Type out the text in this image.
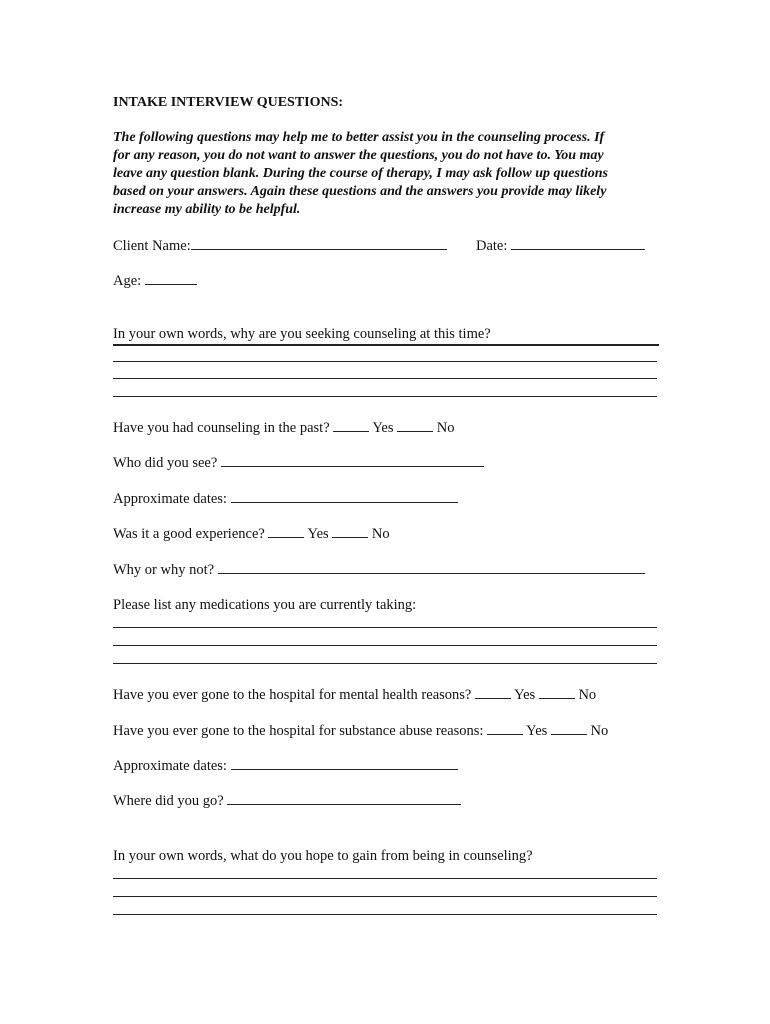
INTAKE INTERVIEW QUESTIONS:
The following questions may help me to better assist you in the counseling process. If
for any reason, you do not want to answer the questions, you do not have to. You may
leave any question blank. During the course of therapy, I may ask follow up questions
based on your answers. Again these questions and the answers you provide may likely
increase my ability to be helpful.
Client Name:	Date:
Age:
In your own words, why are you seeking counseling at this time?
Have you had counseling in the past?	Yes	No
Who did you see?
Approximate dates:
Was it a good experience?	Yes	No
Why or why not?
Please list any medications you are currently taking:
Have you ever gone to the hospital for mental health reasons?	Yes	No
Have you ever gone to the hospital for substance abuse reasons:	Yes	No
Approximate dates:
Where did you go?
In your own words, what do you hope to gain from being in counseling?
